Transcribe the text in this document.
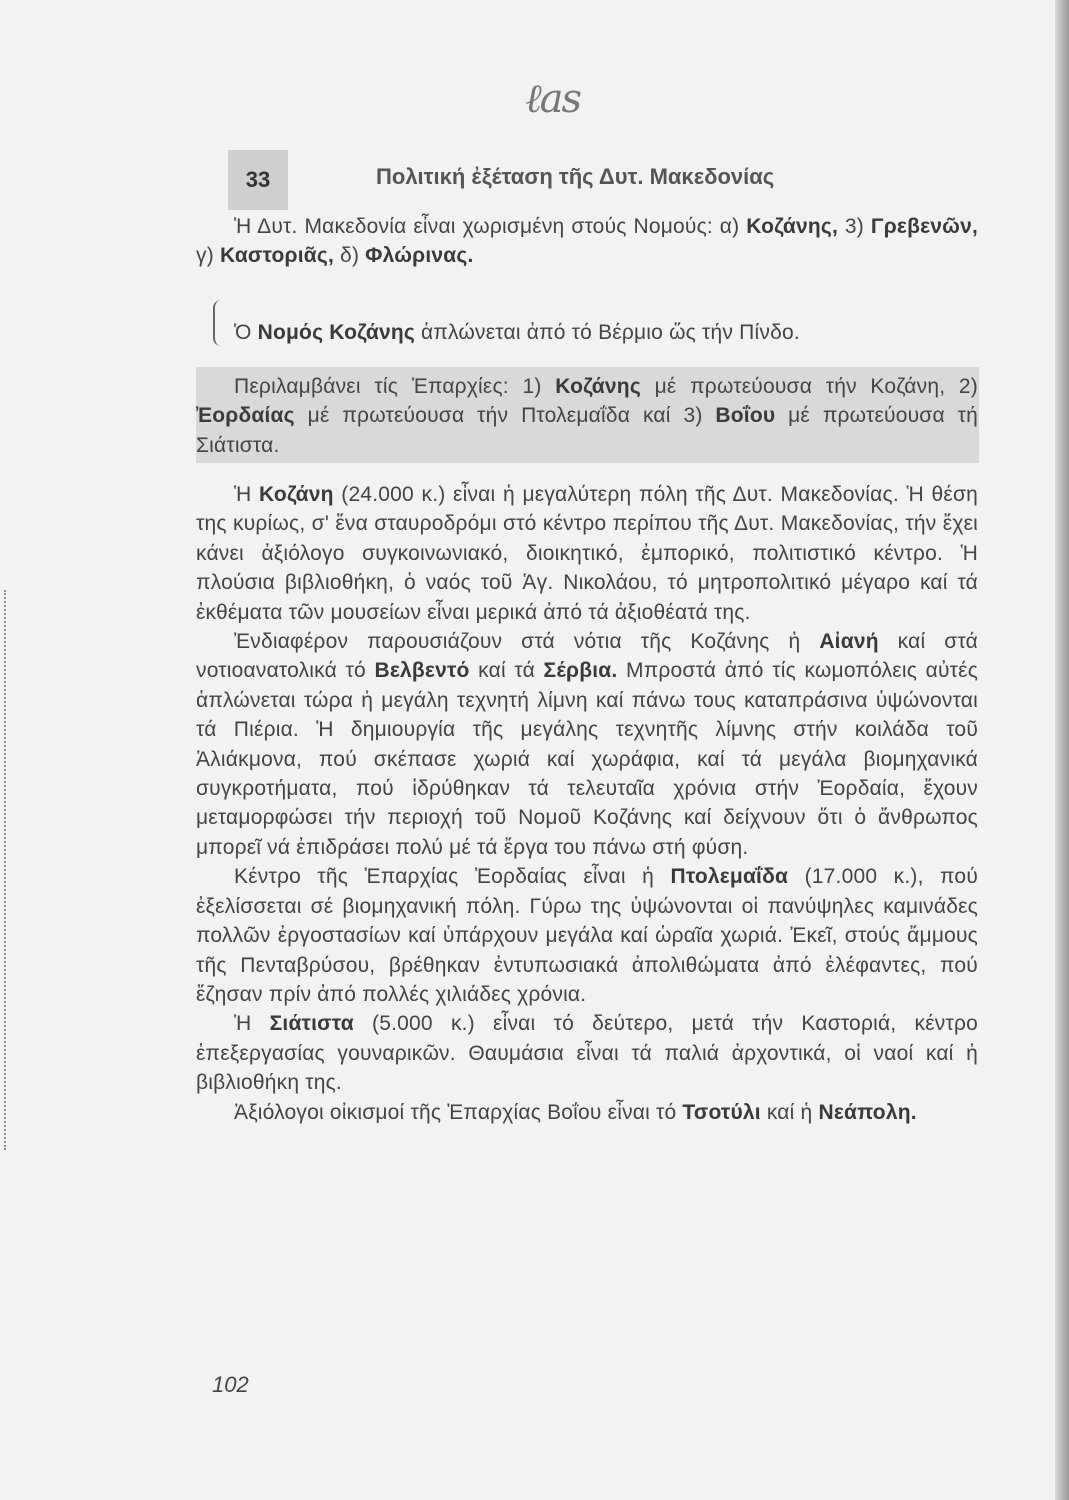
ℓ𝑎𝑠
33	Πολιτική ἐξέταση τῆς Δυτ. Μακεδονίας

Ἡ Δυτ. Μακεδονία εἶναι χωρισμένη στούς Νομούς: α) Κοζάνης, 3) Γρεβενῶν, γ) Καστοριᾶς, δ) Φλώρινας.

Ὁ Νομός Κοζάνης ἁπλώνεται ἀπό τό Βέρμιο ὥς τήν Πίνδο.

Περιλαμβάνει τίς Ἐπαρχίες: 1) Κοζάνης μέ πρωτεύουσα τήν Κοζάνη, 2) Ἐορδαίας μέ πρωτεύουσα τήν Πτολεμαΐδα καί 3) Βοΐου μέ πρωτεύουσα τή Σιάτιστα.

Ἡ Κοζάνη (24.000 κ.) εἶναι ἡ μεγαλύτερη πόλη τῆς Δυτ. Μακεδονίας. Ἡ θέση της κυρίως, σ' ἕνα σταυροδρόμι στό κέντρο περίπου τῆς Δυτ. Μακεδονίας, τήν ἔχει κάνει ἀξιόλογο συγκοινωνιακό, διοικητικό, ἐμπορικό, πολιτιστικό κέντρο. Ἡ πλούσια βιβλιοθήκη, ὁ ναός τοῦ Ἁγ. Νικολάου, τό μητροπολιτικό μέγαρο καί τά ἐκθέματα τῶν μουσείων εἶναι μερικά ἀπό τά ἀξιοθέατά της.

Ἐνδιαφέρον παρουσιάζουν στά νότια τῆς Κοζάνης ἡ Αἰανή καί στά νοτιοανατολικά τό Βελβεντό καί τά Σέρβια. Μπροστά ἀπό τίς κωμοπόλεις αὐτές ἁπλώνεται τώρα ἡ μεγάλη τεχνητή λίμνη καί πάνω τους καταπράσινα ὑψώνονται τά Πιέρια. Ἡ δημιουργία τῆς μεγάλης τεχνητῆς λίμνης στήν κοιλάδα τοῦ Ἁλιάκμονα, πού σκέπασε χωριά καί χωράφια, καί τά μεγάλα βιομηχανικά συγκροτήματα, πού ἱδρύθηκαν τά τελευταῖα χρόνια στήν Ἐορδαία, ἔχουν μεταμορφώσει τήν περιοχή τοῦ Νομοῦ Κοζάνης καί δείχνουν ὅτι ὁ ἄνθρωπος μπορεῖ νά ἐπιδράσει πολύ μέ τά ἔργα του πάνω στή φύση.

Κέντρο τῆς Ἐπαρχίας Ἐορδαίας εἶναι ἡ Πτολεμαΐδα (17.000 κ.), πού ἐξελίσσεται σέ βιομηχανική πόλη. Γύρω της ὑψώνονται οἱ πανύψηλες καμινάδες πολλῶν ἐργοστασίων καί ὑπάρχουν μεγάλα καί ὡραῖα χωριά. Ἐκεῖ, στούς ἄμμους τῆς Πενταβρύσου, βρέθηκαν ἐντυπωσιακά ἀπολιθώματα ἀπό ἐλέφαντες, πού ἔζησαν πρίν ἀπό πολλές χιλιάδες χρόνια.

Ἡ Σιάτιστα (5.000 κ.) εἶναι τό δεύτερο, μετά τήν Καστοριά, κέντρο ἐπεξεργασίας γουναρικῶν. Θαυμάσια εἶναι τά παλιά ἀρχοντικά, οἱ ναοί καί ἡ βιβλιοθήκη της.

Ἀξιόλογοι οἰκισμοί τῆς Ἐπαρχίας Βοΐου εἶναι τό Τσοτύλι καί ἡ Νεάπολη.

102
